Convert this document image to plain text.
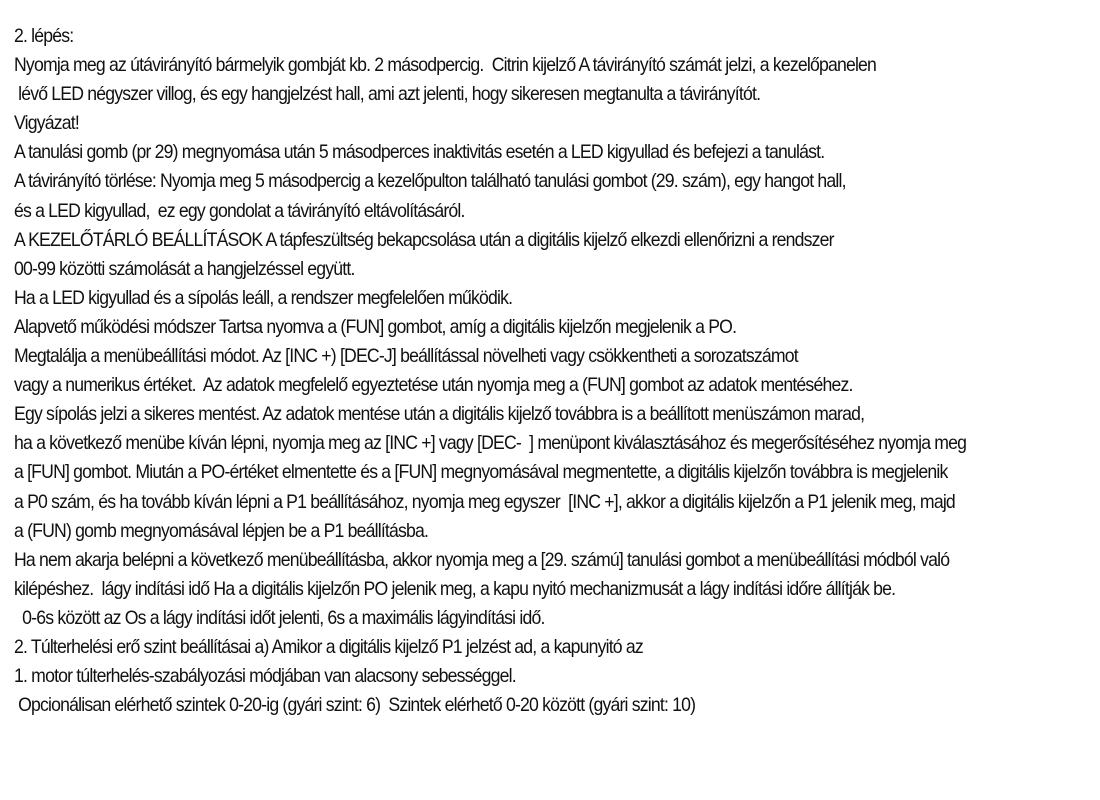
2. lépés:
Nyomja meg az útávirányító bármelyik gombját kb. 2 másodpercig.  Citrin kijelző A távirányító számát jelzi, a kezelőpanelen
lévő LED négyszer villog, és egy hangjelzést hall, ami azt jelenti, hogy sikeresen megtanulta a távirányítót.
Vigyázat!
A tanulási gomb (pr 29) megnyomása után 5 másodperces inaktivitás esetén a LED kigyullad és befejezi a tanulást.
A távirányító törlése: Nyomja meg 5 másodpercig a kezelőpulton található tanulási gombot (29. szám), egy hangot hall,
és a LED kigyullad,  ez egy gondolat a távirányító eltávolításáról.
A KEZELŐTÁRLÓ BEÁLLÍTÁSOK A tápfeszültség bekapcsolása után a digitális kijelző elkezdi ellenőrizni a rendszer
00-99 közötti számolását a hangjelzéssel együtt.
Ha a LED kigyullad és a sípolás leáll, a rendszer megfelelően működik.
Alapvető működési módszer Tartsa nyomva a (FUN] gombot, amíg a digitális kijelzőn megjelenik a PO.
Megtalálja a menübeállítási módot. Az [INC +) [DEC-J] beállítással növelheti vagy csökkentheti a sorozatszámot
vagy a numerikus értéket.  Az adatok megfelelő egyeztetése után nyomja meg a (FUN] gombot az adatok mentéséhez.
Egy sípolás jelzi a sikeres mentést. Az adatok mentése után a digitális kijelző továbbra is a beállított menüszámon marad,
ha a következő menübe kíván lépni, nyomja meg az [INC +] vagy [DEC-  ] menüpont kiválasztásához és megerősítéséhez nyomja meg
a [FUN] gombot. Miután a PO-értéket elmentette és a [FUN] megnyomásával megmentette, a digitális kijelzőn továbbra is megjelenik
a P0 szám, és ha tovább kíván lépni a P1 beállításához, nyomja meg egyszer  [INC +], akkor a digitális kijelzőn a P1 jelenik meg, majd
a (FUN) gomb megnyomásával lépjen be a P1 beállításba.
Ha nem akarja belépni a következő menübeállításba, akkor nyomja meg a [29. számú] tanulási gombot a menübeállítási módból való
kilépéshez.  lágy indítási idő Ha a digitális kijelzőn PO jelenik meg, a kapu nyitó mechanizmusát a lágy indítási időre állítják be.
0-6s között az Os a lágy indítási időt jelenti, 6s a maximális lágyindítási idő.
2. Túlterhelési erő szint beállításai a) Amikor a digitális kijelző P1 jelzést ad, a kapunyitó az
1. motor túlterhelés-szabályozási módjában van alacsony sebességgel.
Opcionálisan elérhető szintek 0-20-ig (gyári szint: 6)  Szintek elérhető 0-20 között (gyári szint: 10)
